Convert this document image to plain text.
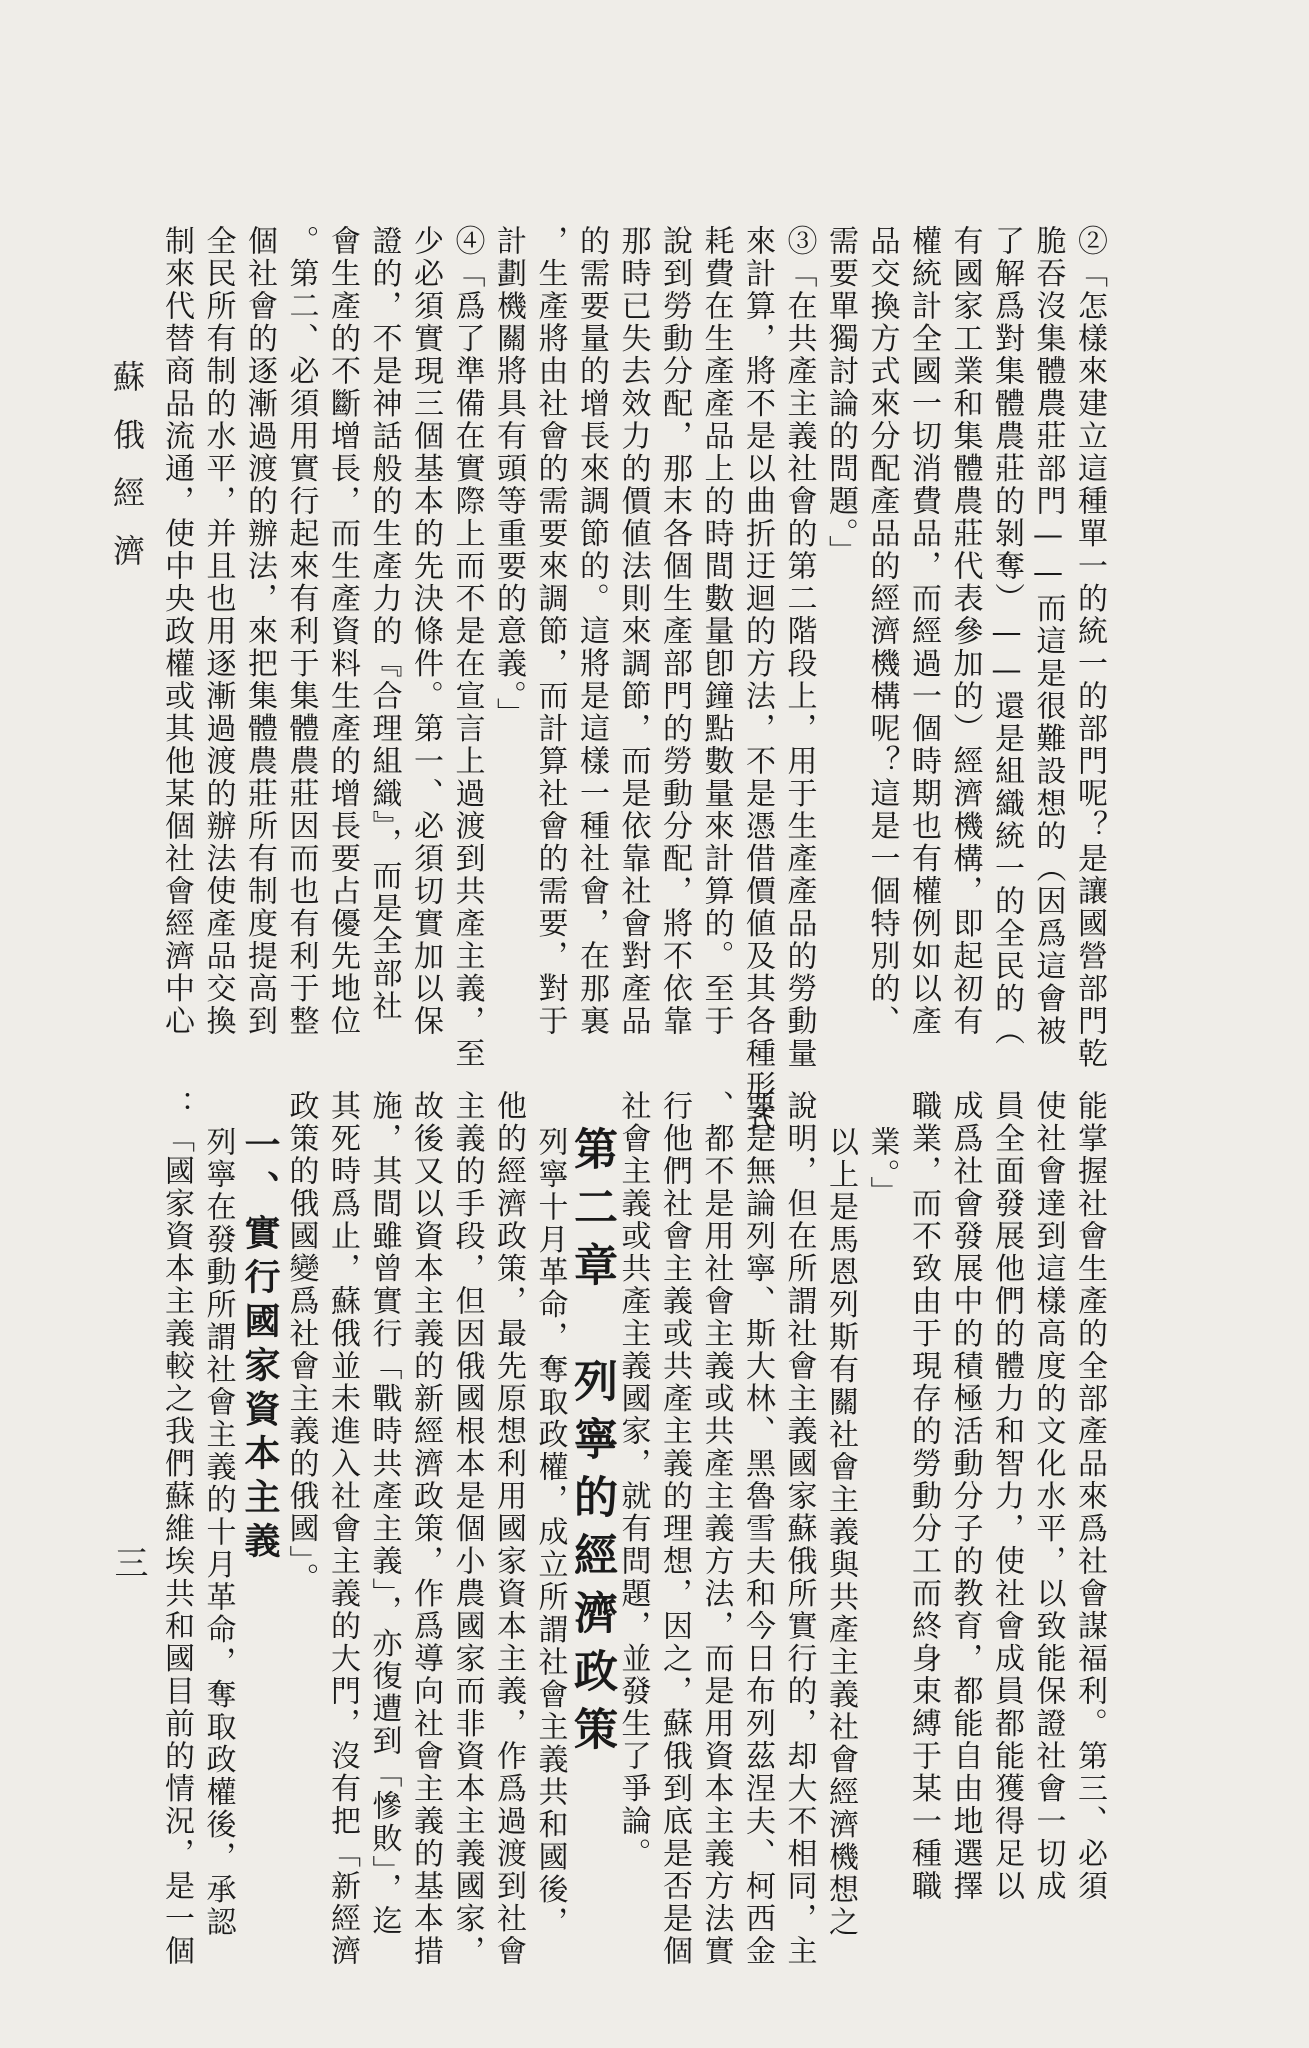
蘇俄經濟
三

②「怎樣來建立這種單一的統一的部門呢？是讓國營部門乾

脆吞沒集體農莊部門——而這是很難設想的（因爲這會被

了解爲對集體農莊的剝奪）——還是組織統一的全民的（

有國家工業和集體農莊代表參加的）經濟機構，即起初有

權統計全國一切消費品，而經過一個時期也有權例如以產

品交換方式來分配產品的經濟機構呢？這是一個特別的、

需要單獨討論的問題。」

③「在共產主義社會的第二階段上，用于生產產品的勞動量

來計算，將不是以曲折迂迴的方法，不是憑借價値及其各種形式

耗費在生產產品上的時間數量卽鐘點數量來計算的。至于

說到勞動分配，那末各個生產部門的勞動分配，將不依靠

那時已失去效力的價値法則來調節，而是依靠社會對產品

的需要量的增長來調節的。這將是這樣一種社會，在那裏

，生產將由社會的需要來調節，而計算社會的需要，對于

計劃機關將具有頭等重要的意義。」

④「爲了準備在實際上而不是在宣言上過渡到共產主義，至

少必須實現三個基本的先決條件。第一、必須切實加以保

證的，不是神話般的生產力的『合理組織』，而是全部社

會生產的不斷增長，而生產資料生產的增長要占優先地位

。第二、必須用實行起來有利于集體農莊因而也有利于整

個社會的逐漸過渡的辦法，來把集體農莊所有制度提高到

全民所有制的水平，并且也用逐漸過渡的辦法使產品交換

制來代替商品流通，使中央政權或其他某個社會經濟中心

能掌握社會生產的全部產品來爲社會謀福利。第三、必須

使社會達到這樣高度的文化水平，以致能保證社會一切成

員全面發展他們的體力和智力，使社會成員都能獲得足以

成爲社會發展中的積極活動分子的教育，都能自由地選擇

職業，而不致由于現存的勞動分工而終身束縛于某一種職

業。」

以上是馬恩列斯有關社會主義與共產主義社會經濟機想之

說明，但在所謂社會主義國家蘇俄所實行的，却大不相同，主

要是無論列寧、斯大林、黑魯雪夫和今日布列茲涅夫、柯西金

、都不是用社會主義或共產主義方法，而是用資本主義方法實

行他們社會主義或共產主義的理想，因之，蘇俄到底是否是個

社會主義或共產主義國家，就有問題，並發生了爭論。

第二章　列寧的經濟政策

列寧十月革命，奪取政權，成立所謂社會主義共和國後，

他的經濟政策，最先原想利用國家資本主義，作爲過渡到社會

主義的手段，但因俄國根本是個小農國家而非資本主義國家，

故後又以資本主義的新經濟政策，作爲導向社會主義的基本措

施，其間雖曾實行「戰時共產主義」，亦復遭到「慘敗」，迄

其死時爲止，蘇俄並未進入社會主義的大門，沒有把「新經濟

政策的俄國變爲社會主義的俄國」。

一、實行國家資本主義

列寧在發動所謂社會主義的十月革命，奪取政權後，承認

：「國家資本主義較之我們蘇維埃共和國目前的情況，是一個
